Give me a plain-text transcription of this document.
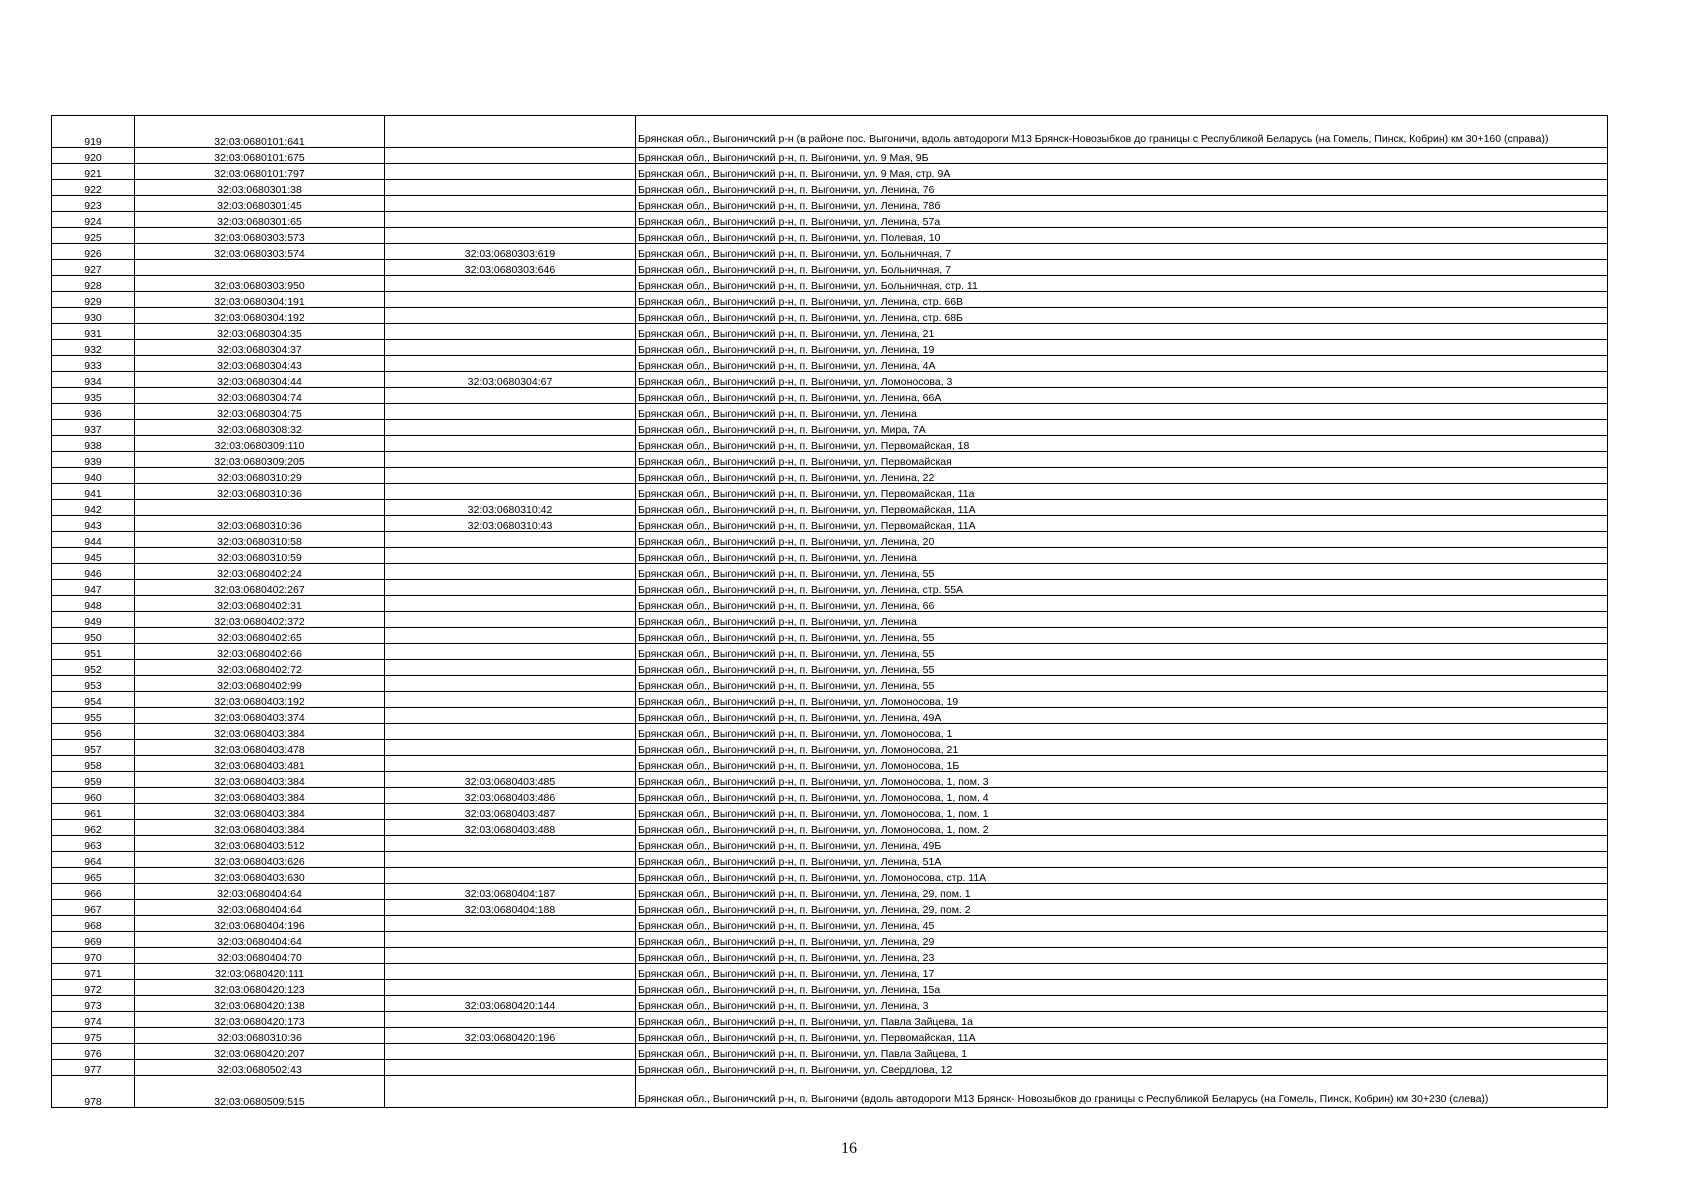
919	32:03:0680101:641		Брянская обл., Выгоничский р-н (в районе пос. Выгоничи, вдоль автодороги М13 Брянск-Новозыбков до границы с Республикой Беларусь (на Гомель, Пинск, Кобрин) км 30+160 (справа))
920	32:03:0680101:675		Брянская обл., Выгоничский р-н, п. Выгоничи, ул. 9 Мая, 9Б
921	32:03:0680101:797		Брянская обл., Выгоничский р-н, п. Выгоничи, ул. 9 Мая, стр. 9А
922	32:03:0680301:38		Брянская обл., Выгоничский р-н, п. Выгоничи, ул. Ленина, 76
923	32:03:0680301:45		Брянская обл., Выгоничский р-н, п. Выгоничи, ул. Ленина, 78б
924	32:03:0680301:65		Брянская обл., Выгоничский р-н, п. Выгоничи, ул. Ленина, 57а
925	32:03:0680303:573		Брянская обл., Выгоничский р-н, п. Выгоничи, ул. Полевая, 10
926	32:03:0680303:574	32:03:0680303:619	Брянская обл., Выгоничский р-н, п. Выгоничи, ул. Больничная, 7
927		32:03:0680303:646	Брянская обл., Выгоничский р-н, п. Выгоничи, ул. Больничная, 7
928	32:03:0680303:950		Брянская обл., Выгоничский р-н, п. Выгоничи, ул. Больничная, стр. 11
929	32:03:0680304:191		Брянская обл., Выгоничский р-н, п. Выгоничи, ул. Ленина, стр. 66В
930	32:03:0680304:192		Брянская обл., Выгоничский р-н, п. Выгоничи, ул. Ленина, стр. 68Б
931	32:03:0680304:35		Брянская обл., Выгоничский р-н, п. Выгоничи, ул. Ленина, 21
932	32:03:0680304:37		Брянская обл., Выгоничский р-н, п. Выгоничи, ул. Ленина, 19
933	32:03:0680304:43		Брянская обл., Выгоничский р-н, п. Выгоничи, ул. Ленина, 4А
934	32:03:0680304:44	32:03:0680304:67	Брянская обл., Выгоничский р-н, п. Выгоничи, ул. Ломоносова, 3
935	32:03:0680304:74		Брянская обл., Выгоничский р-н, п. Выгоничи, ул. Ленина, 66А
936	32:03:0680304:75		Брянская обл., Выгоничский р-н, п. Выгоничи, ул. Ленина
937	32:03:0680308:32		Брянская обл., Выгоничский р-н, п. Выгоничи, ул. Мира, 7А
938	32:03:0680309:110		Брянская обл., Выгоничский р-н, п. Выгоничи, ул. Первомайская, 18
939	32:03:0680309:205		Брянская обл., Выгоничский р-н, п. Выгоничи, ул. Первомайская
940	32:03:0680310:29		Брянская обл., Выгоничский р-н, п. Выгоничи, ул. Ленина, 22
941	32:03:0680310:36		Брянская обл., Выгоничский р-н, п. Выгоничи, ул. Первомайская, 11а
942		32:03:0680310:42	Брянская обл., Выгоничский р-н, п. Выгоничи, ул. Первомайская, 11А
943	32:03:0680310:36	32:03:0680310:43	Брянская обл., Выгоничский р-н, п. Выгоничи, ул. Первомайская, 11А
944	32:03:0680310:58		Брянская обл., Выгоничский р-н, п. Выгоничи, ул. Ленина, 20
945	32:03:0680310:59		Брянская обл., Выгоничский р-н, п. Выгоничи, ул. Ленина
946	32:03:0680402:24		Брянская обл., Выгоничский р-н, п. Выгоничи, ул. Ленина, 55
947	32:03:0680402:267		Брянская обл., Выгоничский р-н, п. Выгоничи, ул. Ленина, стр. 55А
948	32:03:0680402:31		Брянская обл., Выгоничский р-н, п. Выгоничи, ул. Ленина, 66
949	32:03:0680402:372		Брянская обл., Выгоничский р-н, п. Выгоничи, ул. Ленина
950	32:03:0680402:65		Брянская обл., Выгоничский р-н, п. Выгоничи, ул. Ленина, 55
951	32:03:0680402:66		Брянская обл., Выгоничский р-н, п. Выгоничи, ул. Ленина, 55
952	32:03:0680402:72		Брянская обл., Выгоничский р-н, п. Выгоничи, ул. Ленина, 55
953	32:03:0680402:99		Брянская обл., Выгоничский р-н, п. Выгоничи, ул. Ленина, 55
954	32:03:0680403:192		Брянская обл., Выгоничский р-н, п. Выгоничи, ул. Ломоносова, 19
955	32:03:0680403:374		Брянская обл., Выгоничский р-н, п. Выгоничи, ул. Ленина, 49А
956	32:03:0680403:384		Брянская обл., Выгоничский р-н, п. Выгоничи, ул. Ломоносова, 1
957	32:03:0680403:478		Брянская обл., Выгоничский р-н, п. Выгоничи, ул. Ломоносова, 21
958	32:03:0680403:481		Брянская обл., Выгоничский р-н, п. Выгоничи, ул. Ломоносова, 1Б
959	32:03:0680403:384	32:03:0680403:485	Брянская обл., Выгоничский р-н, п. Выгоничи, ул. Ломоносова, 1, пом. 3
960	32:03:0680403:384	32:03:0680403:486	Брянская обл., Выгоничский р-н, п. Выгоничи, ул. Ломоносова, 1, пом. 4
961	32:03:0680403:384	32:03:0680403:487	Брянская обл., Выгоничский р-н, п. Выгоничи, ул. Ломоносова, 1, пом. 1
962	32:03:0680403:384	32:03:0680403:488	Брянская обл., Выгоничский р-н, п. Выгоничи, ул. Ломоносова, 1, пом. 2
963	32:03:0680403:512		Брянская обл., Выгоничский р-н, п. Выгоничи, ул. Ленина, 49Б
964	32:03:0680403:626		Брянская обл., Выгоничский р-н, п. Выгоничи, ул. Ленина, 51А
965	32:03:0680403:630		Брянская обл., Выгоничский р-н, п. Выгоничи, ул. Ломоносова, стр. 11А
966	32:03:0680404:64	32:03:0680404:187	Брянская обл., Выгоничский р-н, п. Выгоничи, ул. Ленина, 29, пом. 1
967	32:03:0680404:64	32:03:0680404:188	Брянская обл., Выгоничский р-н, п. Выгоничи, ул. Ленина, 29, пом. 2
968	32:03:0680404:196		Брянская обл., Выгоничский р-н, п. Выгоничи, ул. Ленина, 45
969	32:03:0680404:64		Брянская обл., Выгоничский р-н, п. Выгоничи, ул. Ленина, 29
970	32:03:0680404:70		Брянская обл., Выгоничский р-н, п. Выгоничи, ул. Ленина, 23
971	32:03:0680420:111		Брянская обл., Выгоничский р-н, п. Выгоничи, ул. Ленина, 17
972	32:03:0680420:123		Брянская обл., Выгоничский р-н, п. Выгоничи, ул. Ленина, 15а
973	32:03:0680420:138	32:03:0680420:144	Брянская обл., Выгоничский р-н, п. Выгоничи, ул. Ленина, 3
974	32:03:0680420:173		Брянская обл., Выгоничский р-н, п. Выгоничи, ул. Павла Зайцева, 1а
975	32:03:0680310:36	32:03:0680420:196	Брянская обл., Выгоничский р-н, п. Выгоничи, ул. Первомайская, 11А
976	32:03:0680420:207		Брянская обл., Выгоничский р-н, п. Выгоничи, ул. Павла Зайцева, 1
977	32:03:0680502:43		Брянская обл., Выгоничский р-н, п. Выгоничи, ул. Свердлова, 12
978	32:03:0680509:515		Брянская обл., Выгоничский р-н, п. Выгоничи (вдоль автодороги М13 Брянск- Новозыбков до границы с Республикой Беларусь (на Гомель, Пинск, Кобрин) км 30+230 (слева))
16
